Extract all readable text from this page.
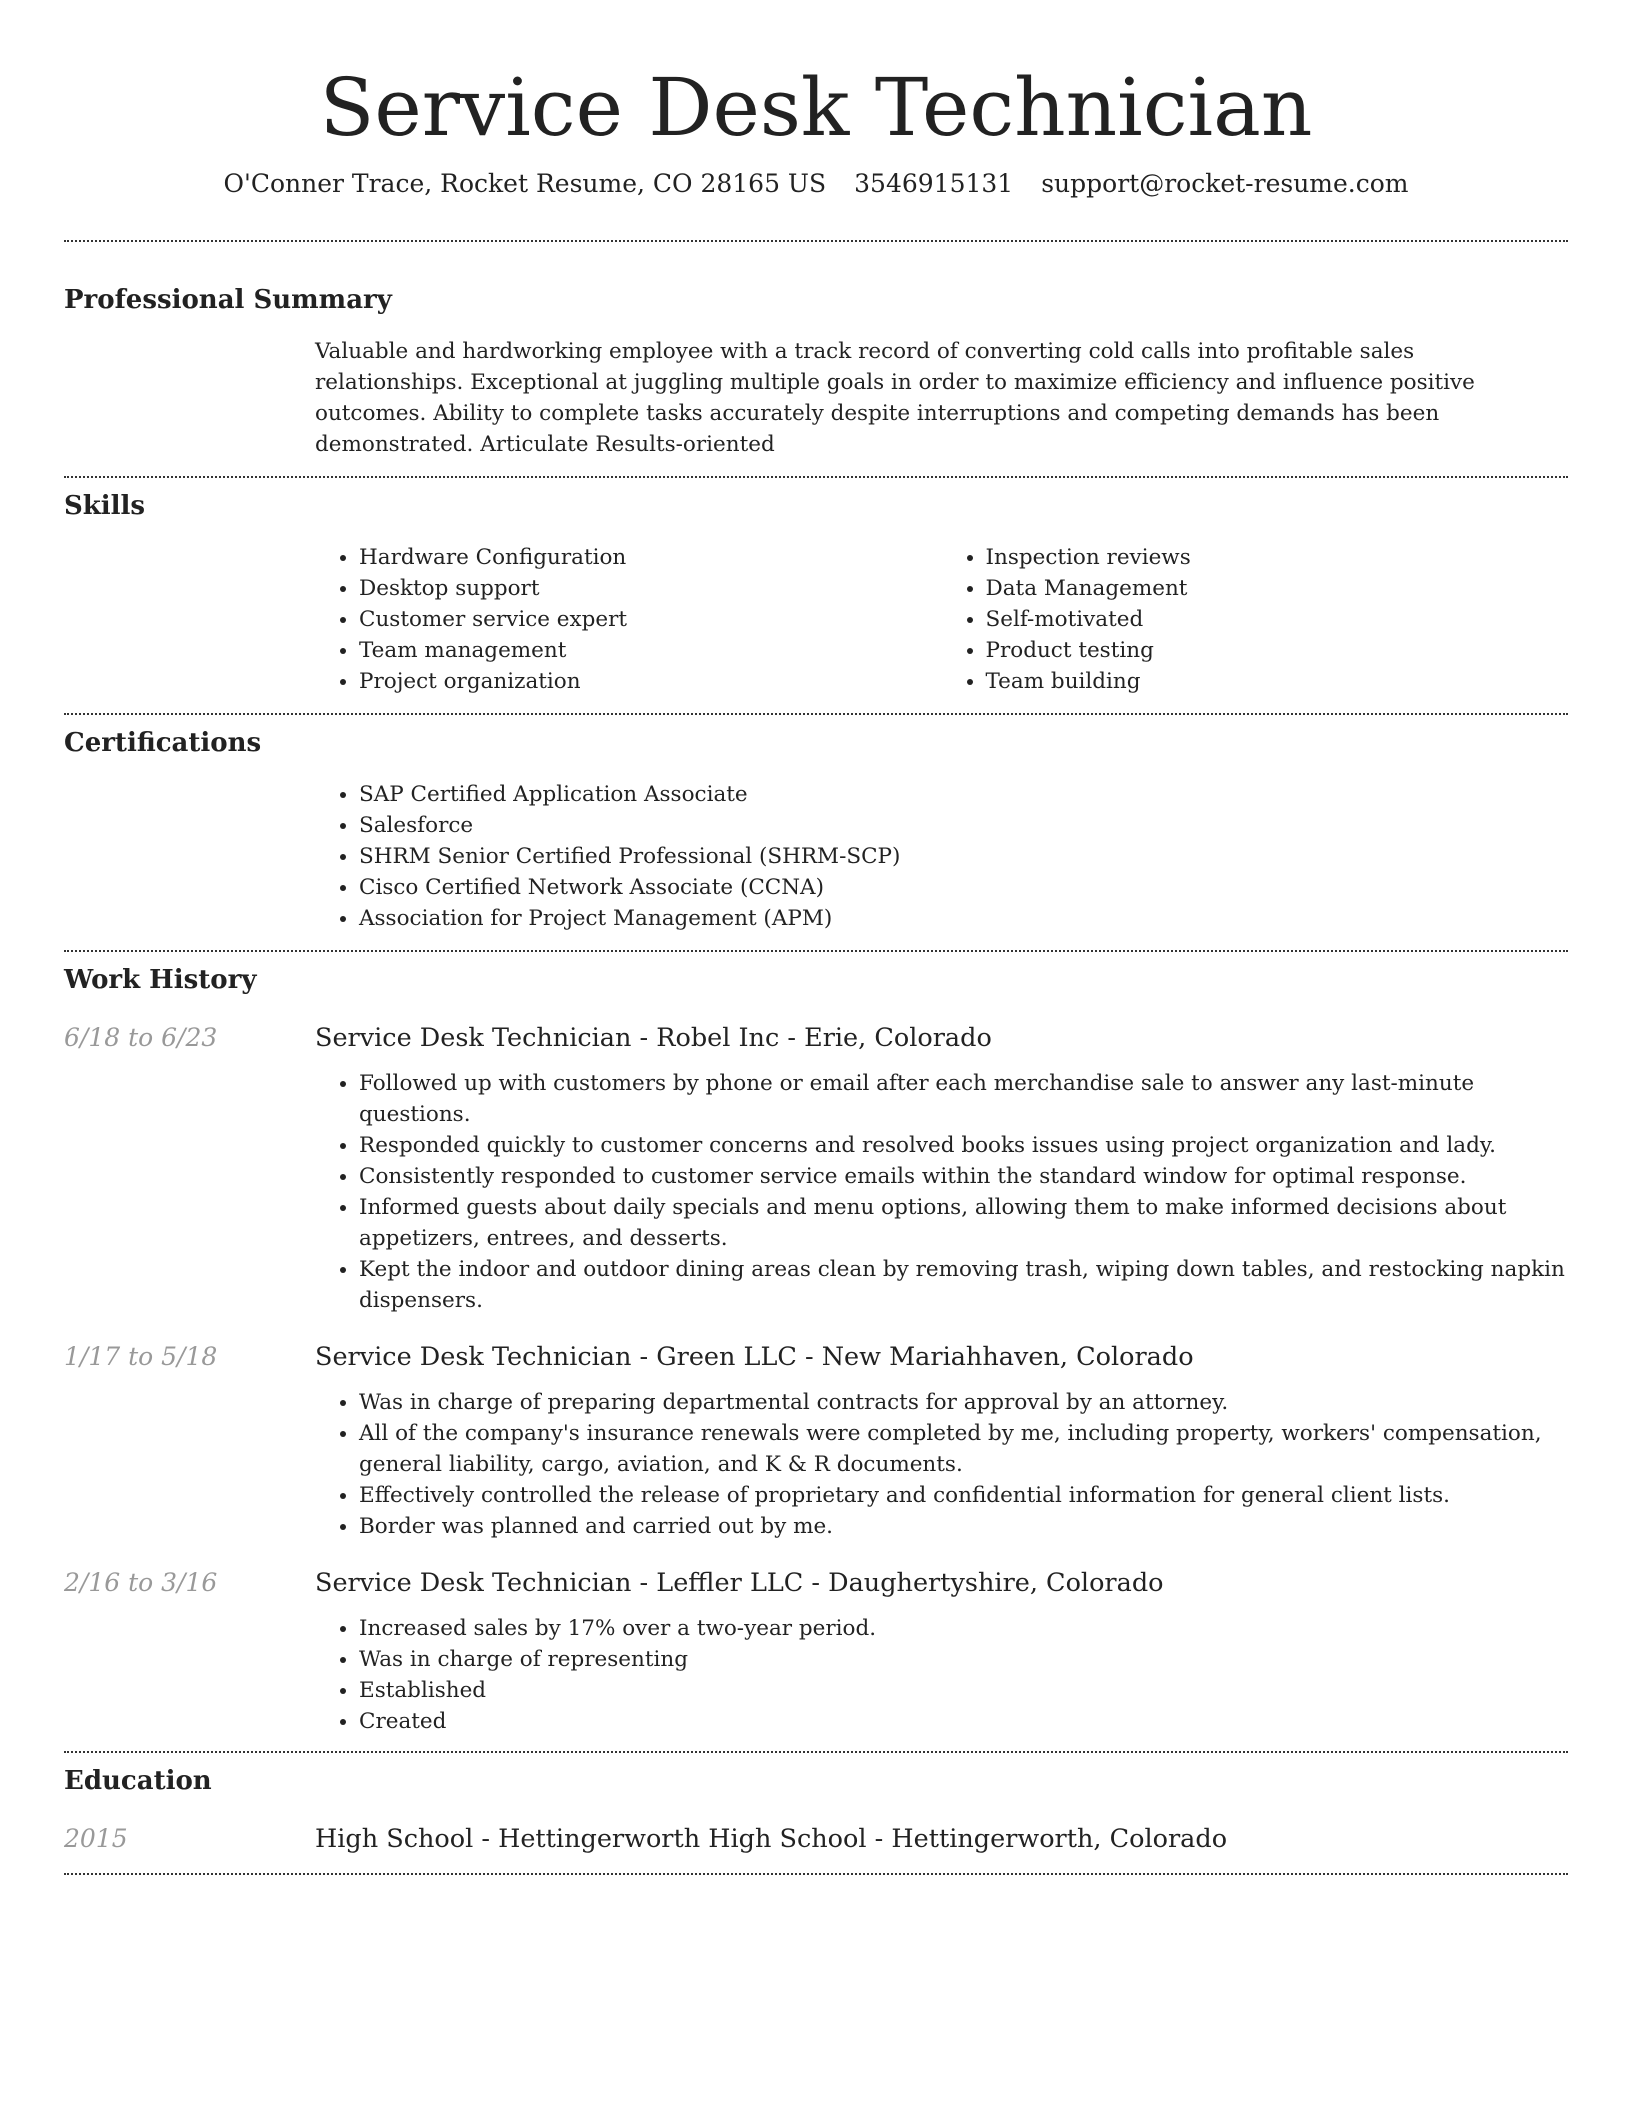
Service Desk Technician
O'Conner Trace, Rocket Resume, CO 28165 US 3546915131 support@rocket-resume.com
Professional Summary

Valuable and hardworking employee with a track record of converting cold calls into profitable sales relationships. Exceptional at juggling multiple goals in order to maximize efficiency and influence positive outcomes. Ability to complete tasks accurately despite interruptions and competing demands has been demonstrated. Articulate Results-oriented

Skills
• Hardware Configuration
• Desktop support
• Customer service expert
• Team management
• Project organization
• Inspection reviews
• Data Management
• Self-motivated
• Product testing
• Team building
Certifications
• SAP Certified Application Associate
• Salesforce
• SHRM Senior Certified Professional (SHRM-SCP)
• Cisco Certified Network Associate (CCNA)
• Association for Project Management (APM)
Work History
6/18 to 6/23	Service Desk Technician - Robel Inc - Erie, Colorado
• Followed up with customers by phone or email after each merchandise sale to answer any last-minute questions.
• Responded quickly to customer concerns and resolved books issues using project organization and lady.
• Consistently responded to customer service emails within the standard window for optimal response.
• Informed guests about daily specials and menu options, allowing them to make informed decisions about appetizers, entrees, and desserts.
• Kept the indoor and outdoor dining areas clean by removing trash, wiping down tables, and restocking napkin dispensers.
1/17 to 5/18	Service Desk Technician - Green LLC - New Mariahhaven, Colorado
• Was in charge of preparing departmental contracts for approval by an attorney.
• All of the company's insurance renewals were completed by me, including property, workers' compensation, general liability, cargo, aviation, and K & R documents.
• Effectively controlled the release of proprietary and confidential information for general client lists.
• Border was planned and carried out by me.
2/16 to 3/16	Service Desk Technician - Leffler LLC - Daughertyshire, Colorado
• Increased sales by 17% over a two-year period.
• Was in charge of representing
• Established
• Created
Education
2015	High School - Hettingerworth High School - Hettingerworth, Colorado
